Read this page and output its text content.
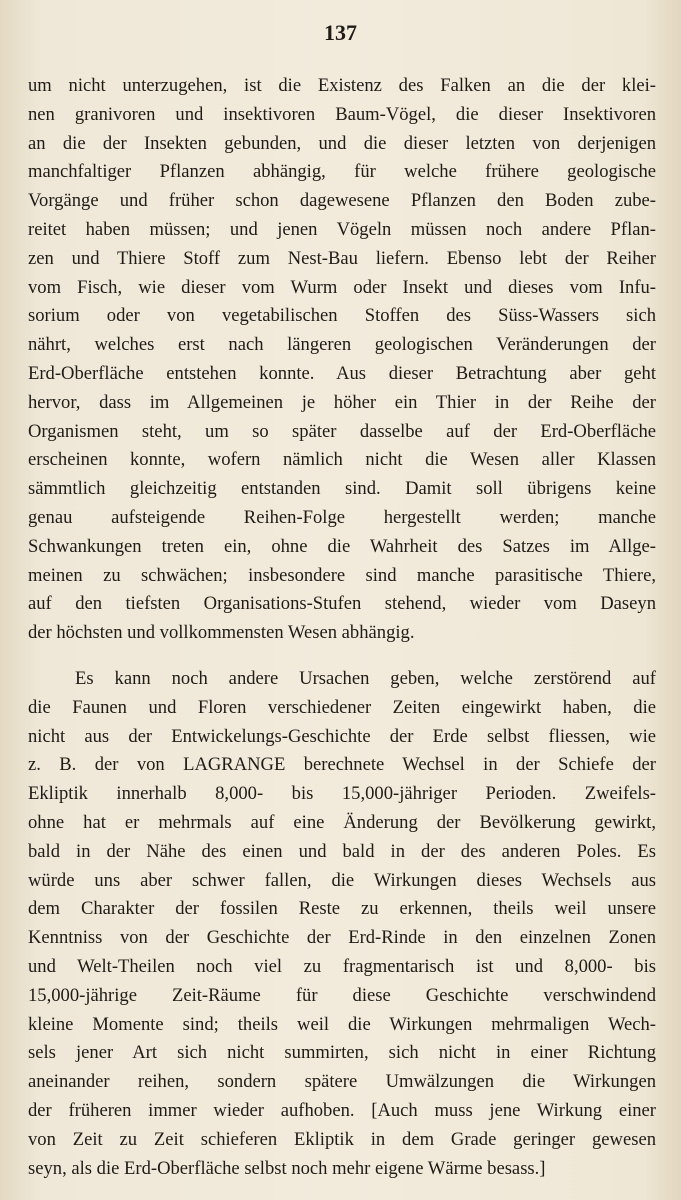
137
um nicht unterzugehen, ist die Existenz des Falken an die der klei-
nen granivoren und insektivoren Baum-Vögel, die dieser Insektivoren
an die der Insekten gebunden, und die dieser letzten von derjenigen
manchfaltiger Pflanzen abhängig, für welche frühere geologische
Vorgänge und früher schon dagewesene Pflanzen den Boden zube-
reitet haben müssen; und jenen Vögeln müssen noch andere Pflan-
zen und Thiere Stoff zum Nest-Bau liefern. Ebenso lebt der Reiher
vom Fisch, wie dieser vom Wurm oder Insekt und dieses vom Infu-
sorium oder von vegetabilischen Stoffen des Süss-Wassers sich
nährt, welches erst nach längeren geologischen Veränderungen der
Erd-Oberfläche entstehen konnte. Aus dieser Betrachtung aber geht
hervor, dass im Allgemeinen je höher ein Thier in der Reihe der
Organismen steht, um so später dasselbe auf der Erd-Oberfläche
erscheinen konnte, wofern nämlich nicht die Wesen aller Klassen
sämmtlich gleichzeitig entstanden sind. Damit soll übrigens keine
genau aufsteigende Reihen-Folge hergestellt werden; manche
Schwankungen treten ein, ohne die Wahrheit des Satzes im Allge-
meinen zu schwächen; insbesondere sind manche parasitische Thiere,
auf den tiefsten Organisations-Stufen stehend, wieder vom Daseyn
der höchsten und vollkommensten Wesen abhängig.
Es kann noch andere Ursachen geben, welche zerstörend auf
die Faunen und Floren verschiedener Zeiten eingewirkt haben, die
nicht aus der Entwickelungs-Geschichte der Erde selbst fliessen, wie
z. B. der von LAGRANGE berechnete Wechsel in der Schiefe der
Ekliptik innerhalb 8,000- bis 15,000-jähriger Perioden. Zweifels-
ohne hat er mehrmals auf eine Änderung der Bevölkerung gewirkt,
bald in der Nähe des einen und bald in der des anderen Poles. Es
würde uns aber schwer fallen, die Wirkungen dieses Wechsels aus
dem Charakter der fossilen Reste zu erkennen, theils weil unsere
Kenntniss von der Geschichte der Erd-Rinde in den einzelnen Zonen
und Welt-Theilen noch viel zu fragmentarisch ist und 8,000- bis
15,000-jährige Zeit-Räume für diese Geschichte verschwindend
kleine Momente sind; theils weil die Wirkungen mehrmaligen Wech-
sels jener Art sich nicht summirten, sich nicht in einer Richtung
aneinander reihen, sondern spätere Umwälzungen die Wirkungen
der früheren immer wieder aufhoben. [Auch muss jene Wirkung einer
von Zeit zu Zeit schieferen Ekliptik in dem Grade geringer gewesen
seyn, als die Erd-Oberfläche selbst noch mehr eigene Wärme besass.]
